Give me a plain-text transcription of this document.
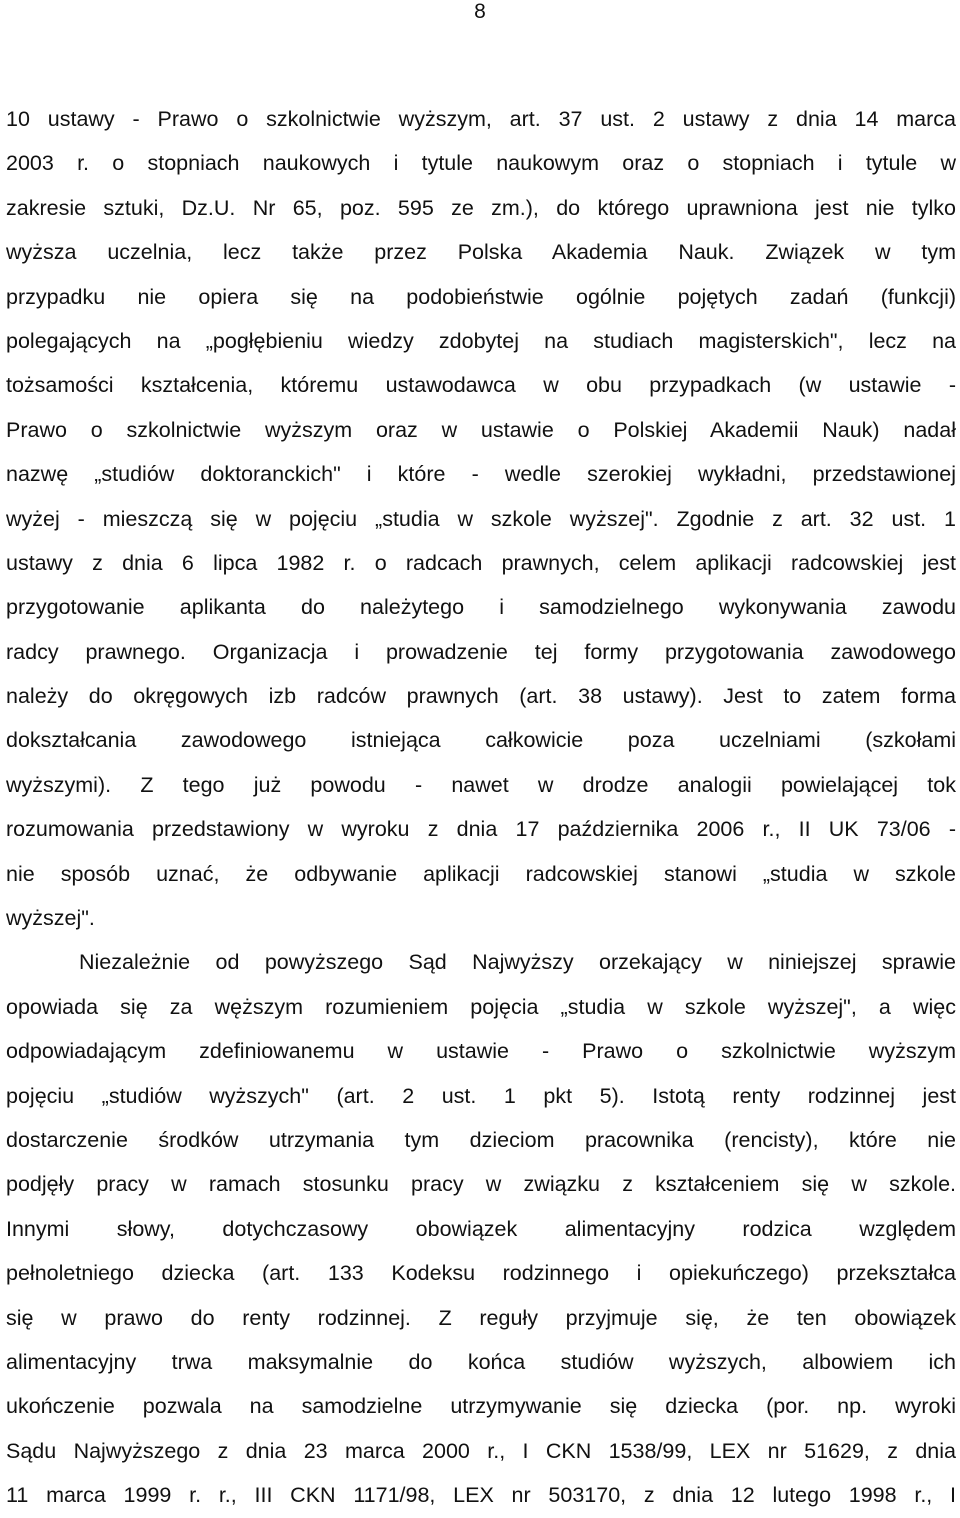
8
10 ustawy - Prawo o szkolnictwie wyższym, art. 37 ust. 2 ustawy z dnia 14 marca
2003 r. o stopniach naukowych i tytule naukowym oraz o stopniach i tytule w
zakresie sztuki, Dz.U. Nr 65, poz. 595 ze zm.), do którego uprawniona jest nie tylko
wyższa uczelnia, lecz także przez Polska Akademia Nauk. Związek w tym
przypadku nie opiera się na podobieństwie ogólnie pojętych zadań (funkcji)
polegających na „pogłębieniu wiedzy zdobytej na studiach magisterskich", lecz na
tożsamości kształcenia, któremu ustawodawca w obu przypadkach (w ustawie -
Prawo o szkolnictwie wyższym oraz w ustawie o Polskiej Akademii Nauk) nadał
nazwę „studiów doktoranckich" i które - wedle szerokiej wykładni, przedstawionej
wyżej - mieszczą się w pojęciu „studia w szkole wyższej". Zgodnie z art. 32 ust. 1
ustawy z dnia 6 lipca 1982 r. o radcach prawnych, celem aplikacji radcowskiej jest
przygotowanie aplikanta do należytego i samodzielnego wykonywania zawodu
radcy prawnego. Organizacja i prowadzenie tej formy przygotowania zawodowego
należy do okręgowych izb radców prawnych (art. 38 ustawy). Jest to zatem forma
dokształcania zawodowego istniejąca całkowicie poza uczelniami (szkołami
wyższymi). Z tego już powodu - nawet w drodze analogii powielającej tok
rozumowania przedstawiony w wyroku z dnia 17 października 2006 r., II UK 73/06 -
nie sposób uznać, że odbywanie aplikacji radcowskiej stanowi „studia w szkole
wyższej".
Niezależnie od powyższego Sąd Najwyższy orzekający w niniejszej sprawie
opowiada się za węższym rozumieniem pojęcia „studia w szkole wyższej", a więc
odpowiadającym zdefiniowanemu w ustawie - Prawo o szkolnictwie wyższym
pojęciu „studiów wyższych" (art. 2 ust. 1 pkt 5). Istotą renty rodzinnej jest
dostarczenie środków utrzymania tym dzieciom pracownika (rencisty), które nie
podjęły pracy w ramach stosunku pracy w związku z kształceniem się w szkole.
Innymi słowy, dotychczasowy obowiązek alimentacyjny rodzica względem
pełnoletniego dziecka (art. 133 Kodeksu rodzinnego i opiekuńczego) przekształca
się w prawo do renty rodzinnej. Z reguły przyjmuje się, że ten obowiązek
alimentacyjny trwa maksymalnie do końca studiów wyższych, albowiem ich
ukończenie pozwala na samodzielne utrzymywanie się dziecka (por. np. wyroki
Sądu Najwyższego z dnia 23 marca 2000 r., I CKN 1538/99, LEX nr 51629, z dnia
11 marca 1999 r. r., III CKN 1171/98, LEX nr 503170, z dnia 12 lutego 1998 r., I
